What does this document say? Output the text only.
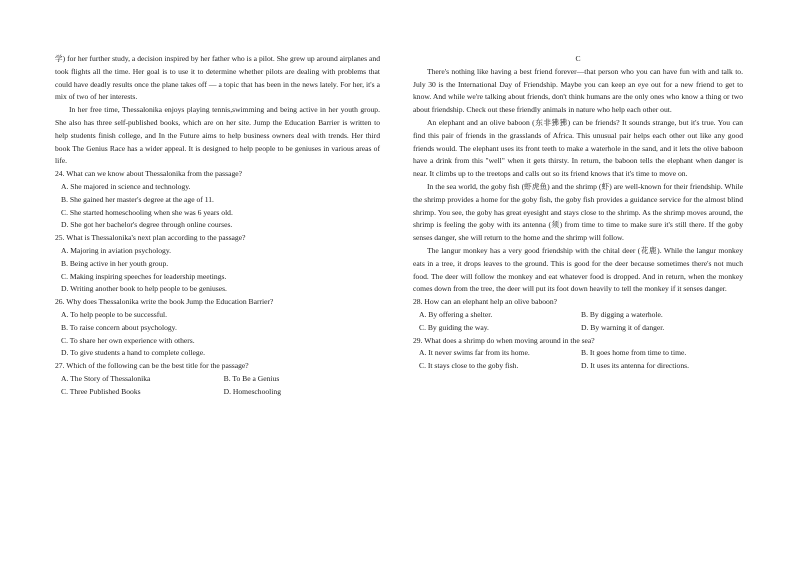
学) for her further study, a decision inspired by her father who is a pilot. She grew up around airplanes and took flights all the time. Her goal is to use it to determine whether pilots are dealing with problems that could have deadly results once the plane takes off — a topic that has been in the news lately. For her, it's a mix of two of her interests.

In her free time, Thessalonika enjoys playing tennis,swimming and being active in her youth group. She also has three self-published books, which are on her site. Jump the Education Barrier is written to help students finish college, and In the Future aims to help business owners deal with trends. Her third book The Genius Race has a wider appeal. It is designed to help people to be geniuses in various areas of life.

24. What can we know about Thessalonika from the passage?

A. She majored in science and technology.

B. She gained her master's degree at the age of 11.

C. She started homeschooling when she was 6 years old.

D. She got her bachelor's degree through online courses.

25. What is Thessalonika's next plan according to the passage?

A. Majoring in aviation psychology.

B. Being active in her youth group.

C. Making inspiring speeches for leadership meetings.

D. Writing another book to help people to be geniuses.

26. Why does Thessalonika write the book Jump the Education Barrier?

A. To help people to be successful.

B. To raise concern about psychology.

C. To share her own experience with others.

D. To give students a hand to complete college.

27. Which of the following can be the best title for the passage?

A. The Story of Thessalonika	B. To Be a Genius
C. Three Published Books	D. Homeschooling

C

There's nothing like having a best friend forever—that person who you can have fun with and talk to. July 30 is the International Day of Friendship. Maybe you can keep an eye out for a new friend to get to know. And while we're talking about friends, don't think humans are the only ones who know a thing or two about friendship. Check out these friendly animals in nature who help each other out.

An elephant and an olive baboon (东非狒狒) can be friends? It sounds strange, but it's true. You can find this pair of friends in the grasslands of Africa. This unusual pair helps each other out like any good friends would. The elephant uses its front teeth to make a waterhole in the sand, and it lets the olive baboon have a drink from this "well" when it gets thirsty. In return, the baboon tells the elephant when danger is near. It climbs up to the treetops and calls out so its friend knows that it's time to move on.

In the sea world, the goby fish (虾虎鱼) and the shrimp (虾) are well-known for their friendship. While the shrimp provides a home for the goby fish, the goby fish provides a guidance service for the almost blind shrimp. You see, the goby has great eyesight and stays close to the shrimp. As the shrimp moves around, the shrimp is feeling the goby with its antenna (须) from time to time to make sure it's still there. If the goby senses danger, she will return to the home and the shrimp will follow.

The langur monkey has a very good friendship with the chital deer (花鹿). While the langur monkey eats in a tree, it drops leaves to the ground. This is good for the deer because sometimes there's not much food. The deer will follow the monkey and eat whatever food is dropped. And in return, when the monkey comes down from the tree, the deer will put its foot down heavily to tell the monkey if it senses danger.

28. How can an elephant help an olive baboon?

A. By offering a shelter.	B. By digging a waterhole.
C. By guiding the way.	D. By warning it of danger.

29. What does a shrimp do when moving around in the sea?

A. It never swims far from its home.	B. It goes home from time to time.
C. It stays close to the goby fish.	D. It uses its antenna for directions.
